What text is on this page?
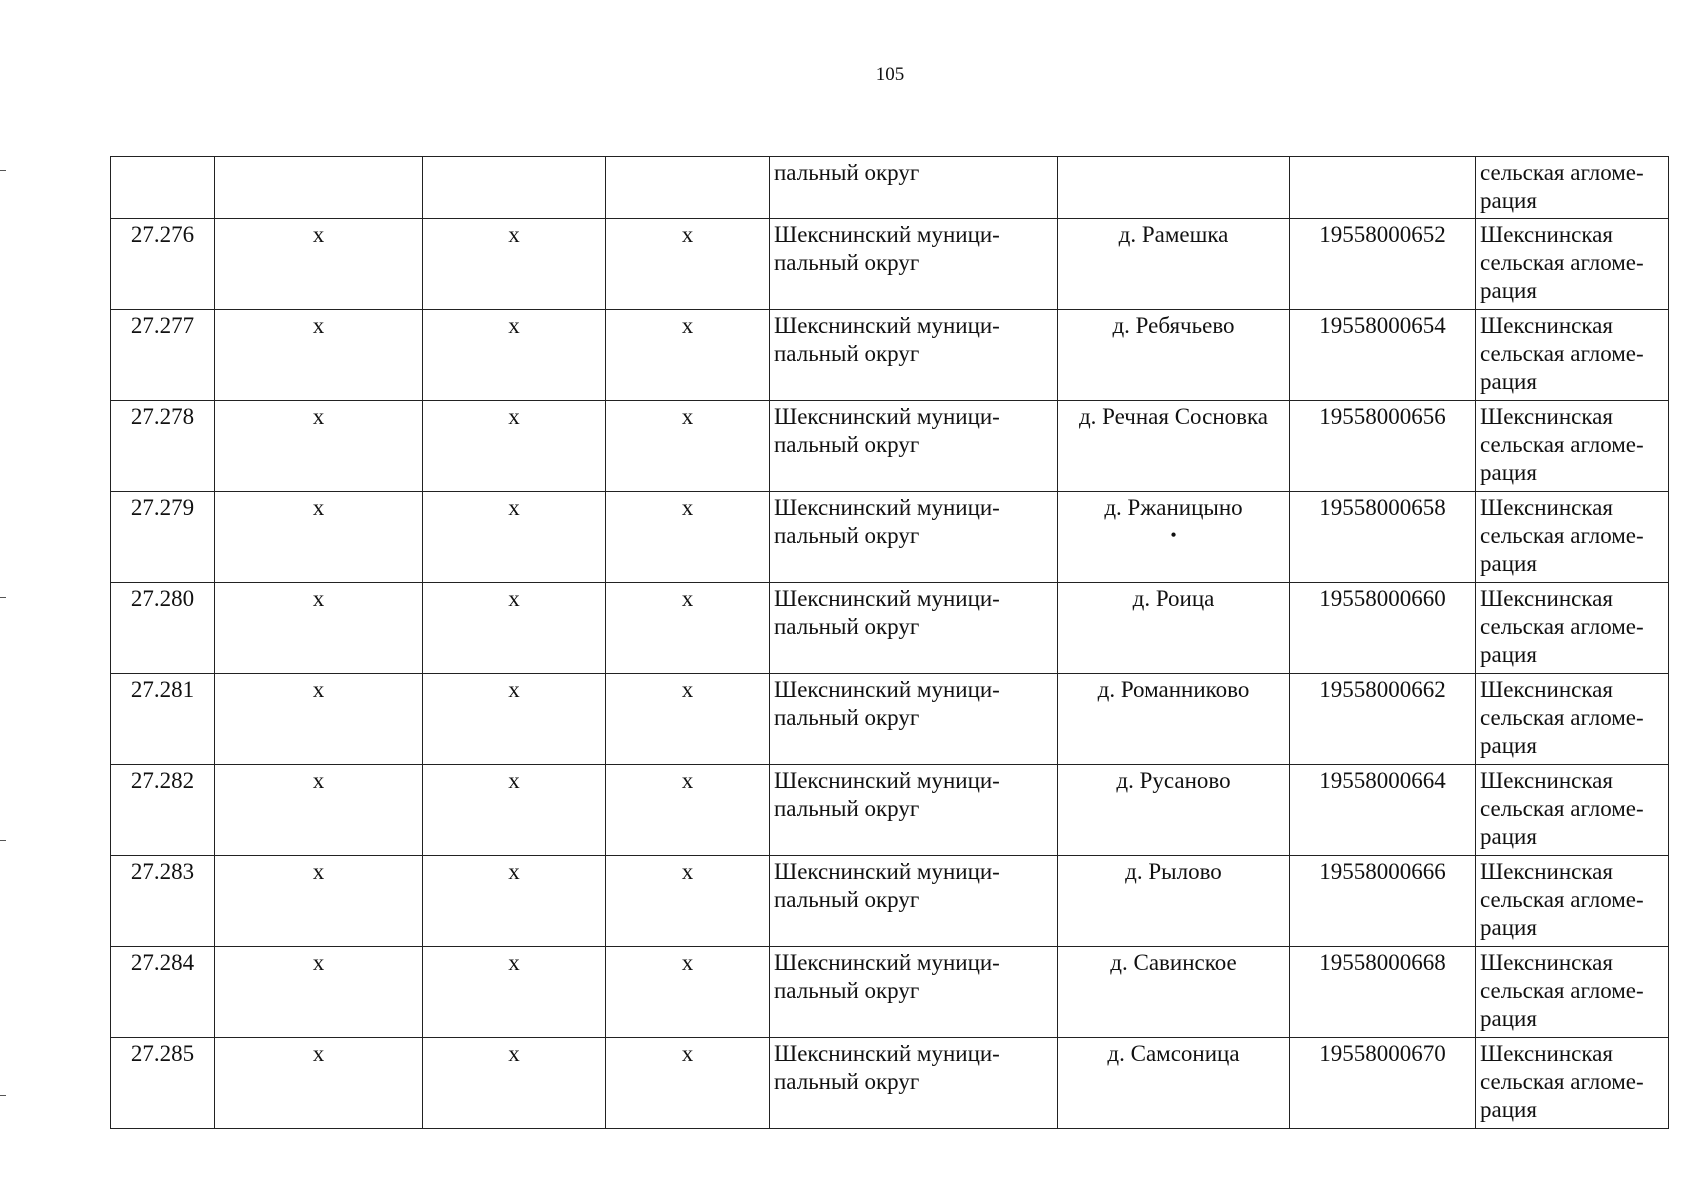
105
				пальный округ			сельская агломе-
рация
27.276	x	x	x	Шекснинский муници-
пальный округ	д. Рамешка	19558000652	Шекснинская
сельская агломе-
рация
27.277	x	x	x	Шекснинский муници-
пальный округ	д. Ребячьево	19558000654	Шекснинская
сельская агломе-
рация
27.278	x	x	x	Шекснинский муници-
пальный округ	д. Речная Сосновка	19558000656	Шекснинская
сельская агломе-
рация
27.279	x	x	x	Шекснинский муници-
пальный округ	д. Ржаницыно
•	19558000658	Шекснинская
сельская агломе-
рация
27.280	x	x	x	Шекснинский муници-
пальный округ	д. Роица	19558000660	Шекснинская
сельская агломе-
рация
27.281	x	x	x	Шекснинский муници-
пальный округ	д. Романниково	19558000662	Шекснинская
сельская агломе-
рация
27.282	x	x	x	Шекснинский муници-
пальный округ	д. Русаново	19558000664	Шекснинская
сельская агломе-
рация
27.283	x	x	x	Шекснинский муници-
пальный округ	д. Рылово	19558000666	Шекснинская
сельская агломе-
рация
27.284	x	x	x	Шекснинский муници-
пальный округ	д. Савинское	19558000668	Шекснинская
сельская агломе-
рация
27.285	x	x	x	Шекснинский муници-
пальный округ	д. Самсоница	19558000670	Шекснинская
сельская агломе-
рация
